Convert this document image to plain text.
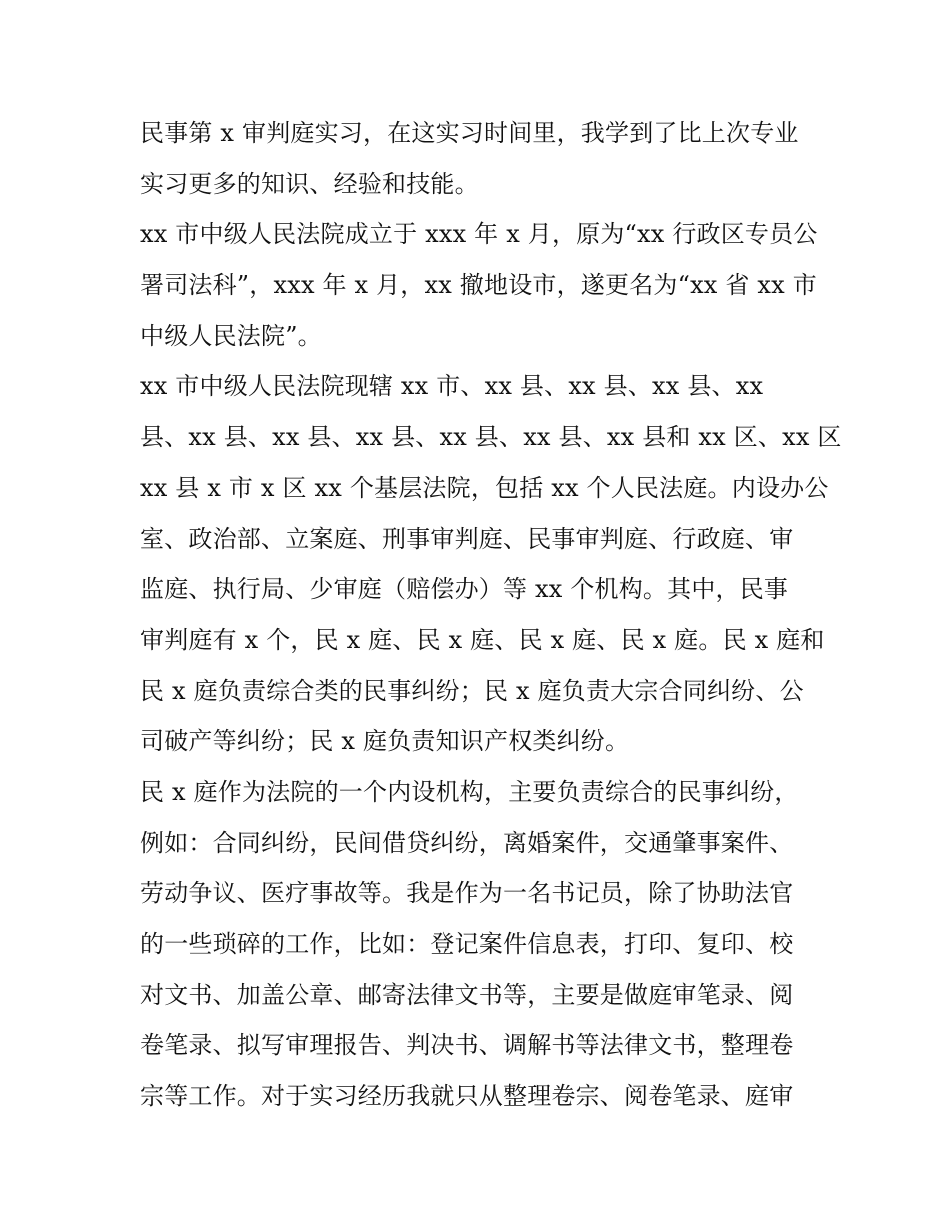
民事第 x 审判庭实习，在这实习时间里，我学到了比上次专业
实习更多的知识、经验和技能。
xx 市中级人民法院成立于 xxx 年 x 月，原为“xx 行政区专员公
署司法科”，xxx 年 x 月，xx 撤地设市，遂更名为“xx 省 xx 市
中级人民法院”。
xx 市中级人民法院现辖 xx 市、xx 县、xx 县、xx 县、xx
县、xx 县、xx 县、xx 县、xx 县、xx 县、xx 县和 xx 区、xx 区
xx 县 x 市 x 区 xx 个基层法院，包括 xx 个人民法庭。内设办公
室、政治部、立案庭、刑事审判庭、民事审判庭、行政庭、审
监庭、执行局、少审庭（赔偿办）等 xx 个机构。其中，民事
审判庭有 x 个，民 x 庭、民 x 庭、民 x 庭、民 x 庭。民 x 庭和
民 x 庭负责综合类的民事纠纷；民 x 庭负责大宗合同纠纷、公
司破产等纠纷；民 x 庭负责知识产权类纠纷。
民 x 庭作为法院的一个内设机构，主要负责综合的民事纠纷，
例如：合同纠纷，民间借贷纠纷，离婚案件，交通肇事案件、
劳动争议、医疗事故等。我是作为一名书记员，除了协助法官
的一些琐碎的工作，比如：登记案件信息表，打印、复印、校
对文书、加盖公章、邮寄法律文书等，主要是做庭审笔录、阅
卷笔录、拟写审理报告、判决书、调解书等法律文书，整理卷
宗等工作。对于实习经历我就只从整理卷宗、阅卷笔录、庭审
